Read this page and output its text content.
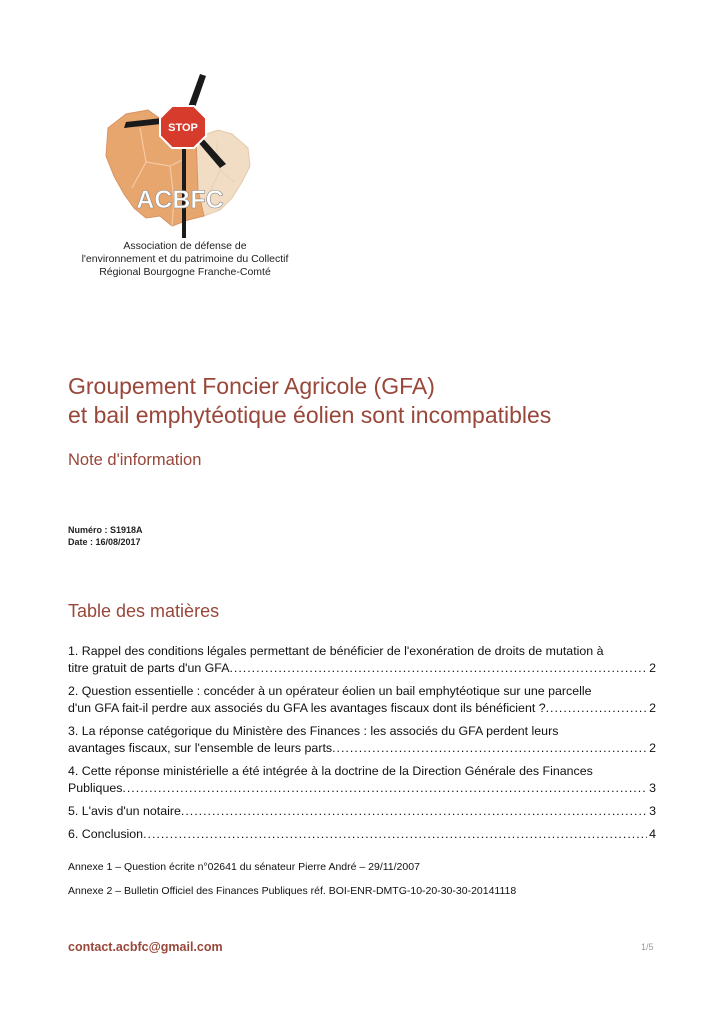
STOP
ACBFC
Association de défense de
l'environnement et du patrimoine du Collectif
Régional Bourgogne Franche-Comté
Groupement Foncier Agricole (GFA)
et bail emphytéotique éolien sont incompatibles
Note d'information
Numéro : S1918A
Date : 16/08/2017
Table des matières
1. Rappel des conditions légales permettant de bénéficier de l'exonération de droits de mutation à
titre gratuit de parts d'un GFA .....	2
2. Question essentielle : concéder à un opérateur éolien un bail emphytéotique sur une parcelle
d'un GFA fait-il perdre aux associés du GFA les avantages fiscaux dont ils bénéficient ? .....	2
3. La réponse catégorique du Ministère des Finances : les associés du GFA perdent leurs
avantages fiscaux, sur l'ensemble de leurs parts .....	2
4. Cette réponse ministérielle a été intégrée à la doctrine de la Direction Générale des Finances
Publiques .....	3
5. L'avis d'un notaire .....	3
6. Conclusion .....	4
Annexe 1 – Question écrite n°02641 du sénateur Pierre André – 29/11/2007
Annexe 2 – Bulletin Officiel des Finances Publiques réf. BOI-ENR-DMTG-10-20-30-30-20141118
contact.acbfc@gmail.com	1/5
